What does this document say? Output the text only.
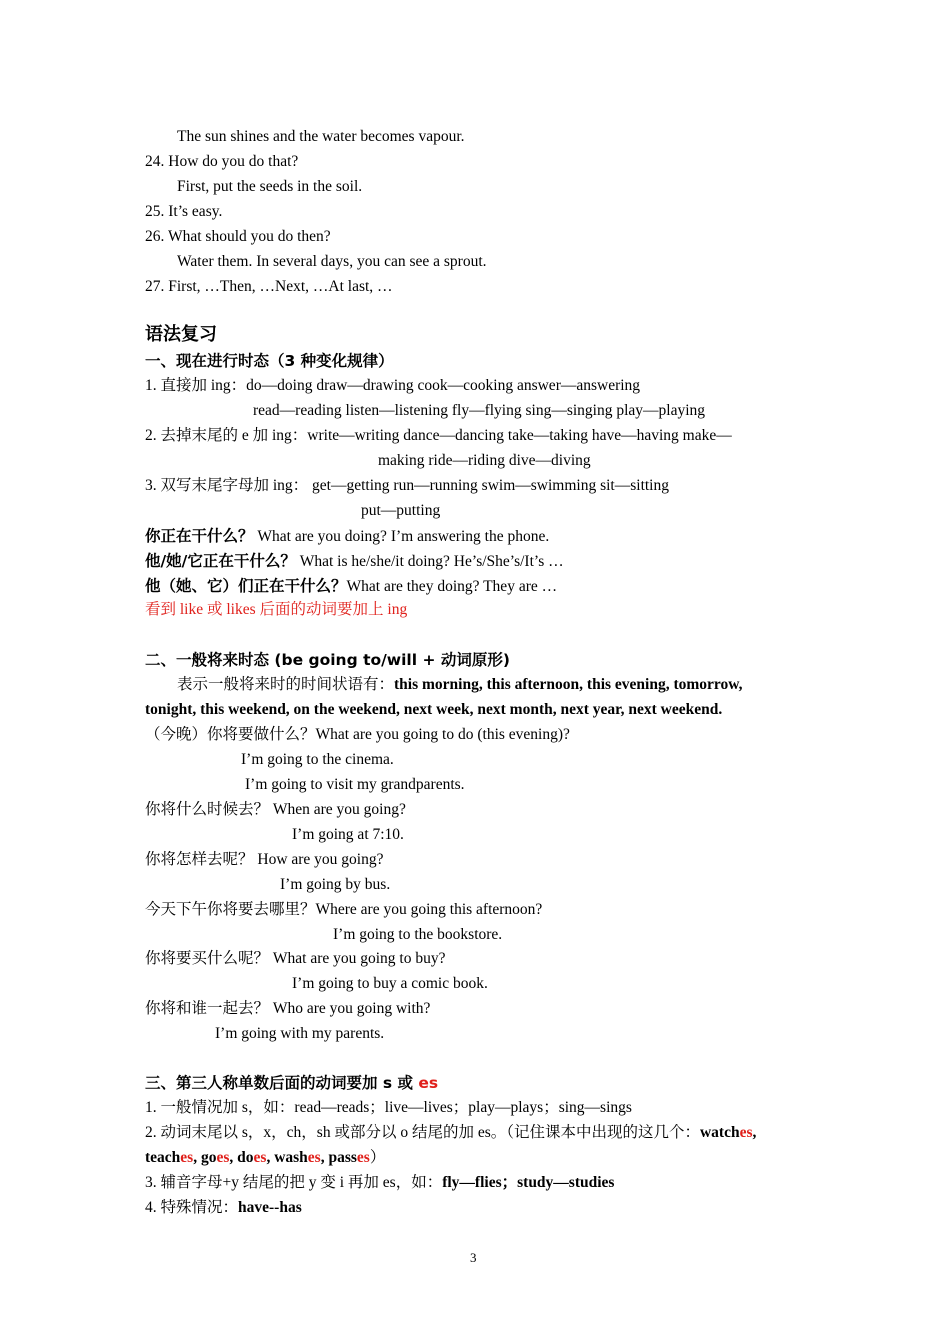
The sun shines and the water becomes vapour.
24. How do you do that?
First, put the seeds in the soil.
25. It’s easy.
26. What should you do then?
Water them. In several days, you can see a sprout.
27. First, …Then, …Next, …At last, …
语法复习
一、现在进行时态（3 种变化规律）
1. 直接加 ing：do—doing draw—drawing cook—cooking answer—answering
read—reading listen—listening fly—flying sing—singing play—playing
2. 去掉末尾的 e 加 ing：write—writing dance—dancing take—taking have—having make—
making ride—riding dive—diving
3. 双写末尾字母加 ing： get—getting run—running swim—swimming sit—sitting
put—putting
你正在干什么？ What are you doing? I’m answering the phone.
他/她/它正在干什么？ What is he/she/it doing? He’s/She’s/It’s …
他（她、它）们正在干什么？What are they doing? They are …
看到 like 或 likes 后面的动词要加上 ing
二、一般将来时态 (be going to/will + 动词原形)
表示一般将来时的时间状语有：this morning, this afternoon, this evening, tomorrow,
tonight, this weekend, on the weekend, next week, next month, next year, next weekend.
（今晚）你将要做什么？What are you going to do (this evening)?
I’m going to the cinema.
I’m going to visit my grandparents.
你将什么时候去？ When are you going?
I’m going at 7:10.
你将怎样去呢？ How are you going?
I’m going by bus.
今天下午你将要去哪里？Where are you going this afternoon?
I’m going to the bookstore.
你将要买什么呢？ What are you going to buy?
I’m going to buy a comic book.
你将和谁一起去？ Who are you going with?
I’m going with my parents.
三、第三人称单数后面的动词要加 s 或 es
1. 一般情况加 s，如：read—reads；live—lives；play—plays；sing—sings
2. 动词末尾以 s，x，ch，sh 或部分以 o 结尾的加 es。（记住课本中出现的这几个：watches,
teaches, goes, does, washes, passes）
3. 辅音字母+y 结尾的把 y 变 i 再加 es，如：fly—flies；study—studies
4. 特殊情况：have--has
3
